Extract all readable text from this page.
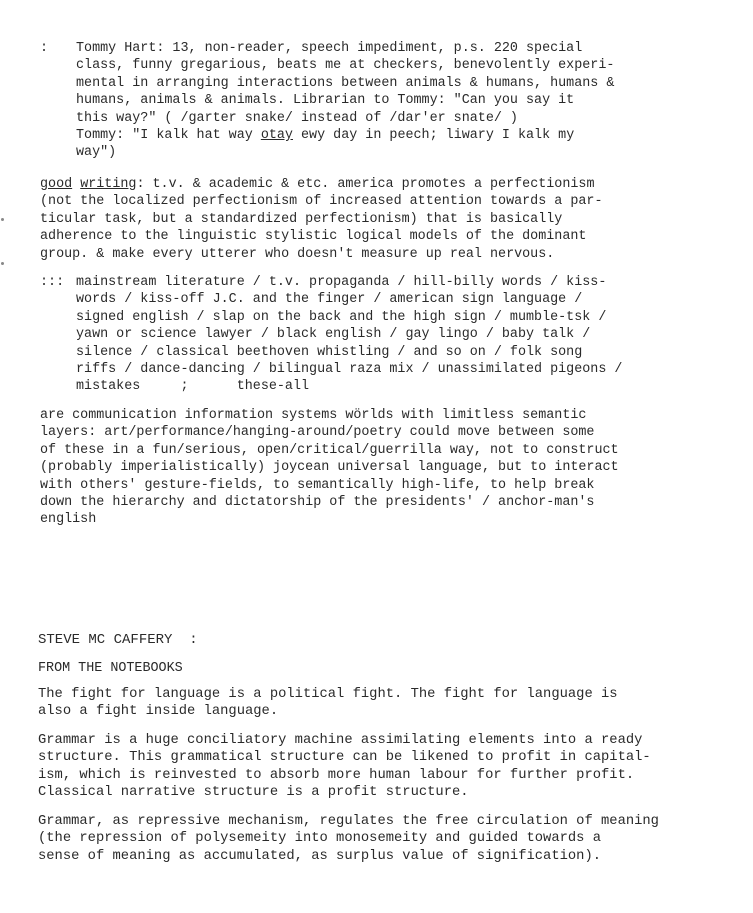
: Tommy Hart: 13, non-reader, speech impediment, p.s. 220 special
class, funny gregarious, beats me at checkers, benevolently experi-
mental in arranging interactions between animals & humans, humans &
humans, animals & animals. Librarian to Tommy: "Can you say it
this way?" ( /garter snake/ instead of /dar'er snate/ )
Tommy: "I kalk hat way otay ewy day in peech; liwary I kalk my
way")
good writing: t.v. & academic & etc. america promotes a perfectionism
(not the localized perfectionism of increased attention towards a par-
ticular task, but a standardized perfectionism) that is basically
adherence to the linguistic stylistic logical models of the dominant
group. & make every utterer who doesn't measure up real nervous.
::: mainstream literature / t.v. propaganda / hill-billy words / kiss-
words / kiss-off J.C. and the finger / american sign language /
signed english / slap on the back and the high sign / mumble-tsk /
yawn or science lawyer / black english / gay lingo / baby talk /
silence / classical beethoven whistling / and so on / folk song
riffs / dance-dancing / bilingual raza mix / unassimilated pigeons /
mistakes     ;      these-all
are communication information systems wörlds with limitless semantic
layers: art/performance/hanging-around/poetry could move between some
of these in a fun/serious, open/critical/guerrilla way, not to construct
(probably imperialistically) joycean universal language, but to interact
with others' gesture-fields, to semantically high-life, to help break
down the hierarchy and dictatorship of the presidents' / anchor-man's
english
STEVE MC CAFFERY  :
FROM THE NOTEBOOKS
The fight for language is a political fight. The fight for language is
also a fight inside language.
Grammar is a huge conciliatory machine assimilating elements into a ready
structure. This grammatical structure can be likened to profit in capital-
ism, which is reinvested to absorb more human labour for further profit.
Classical narrative structure is a profit structure.
Grammar, as repressive mechanism, regulates the free circulation of meaning
(the repression of polysemeity into monosemeity and guided towards a
sense of meaning as accumulated, as surplus value of signification).
